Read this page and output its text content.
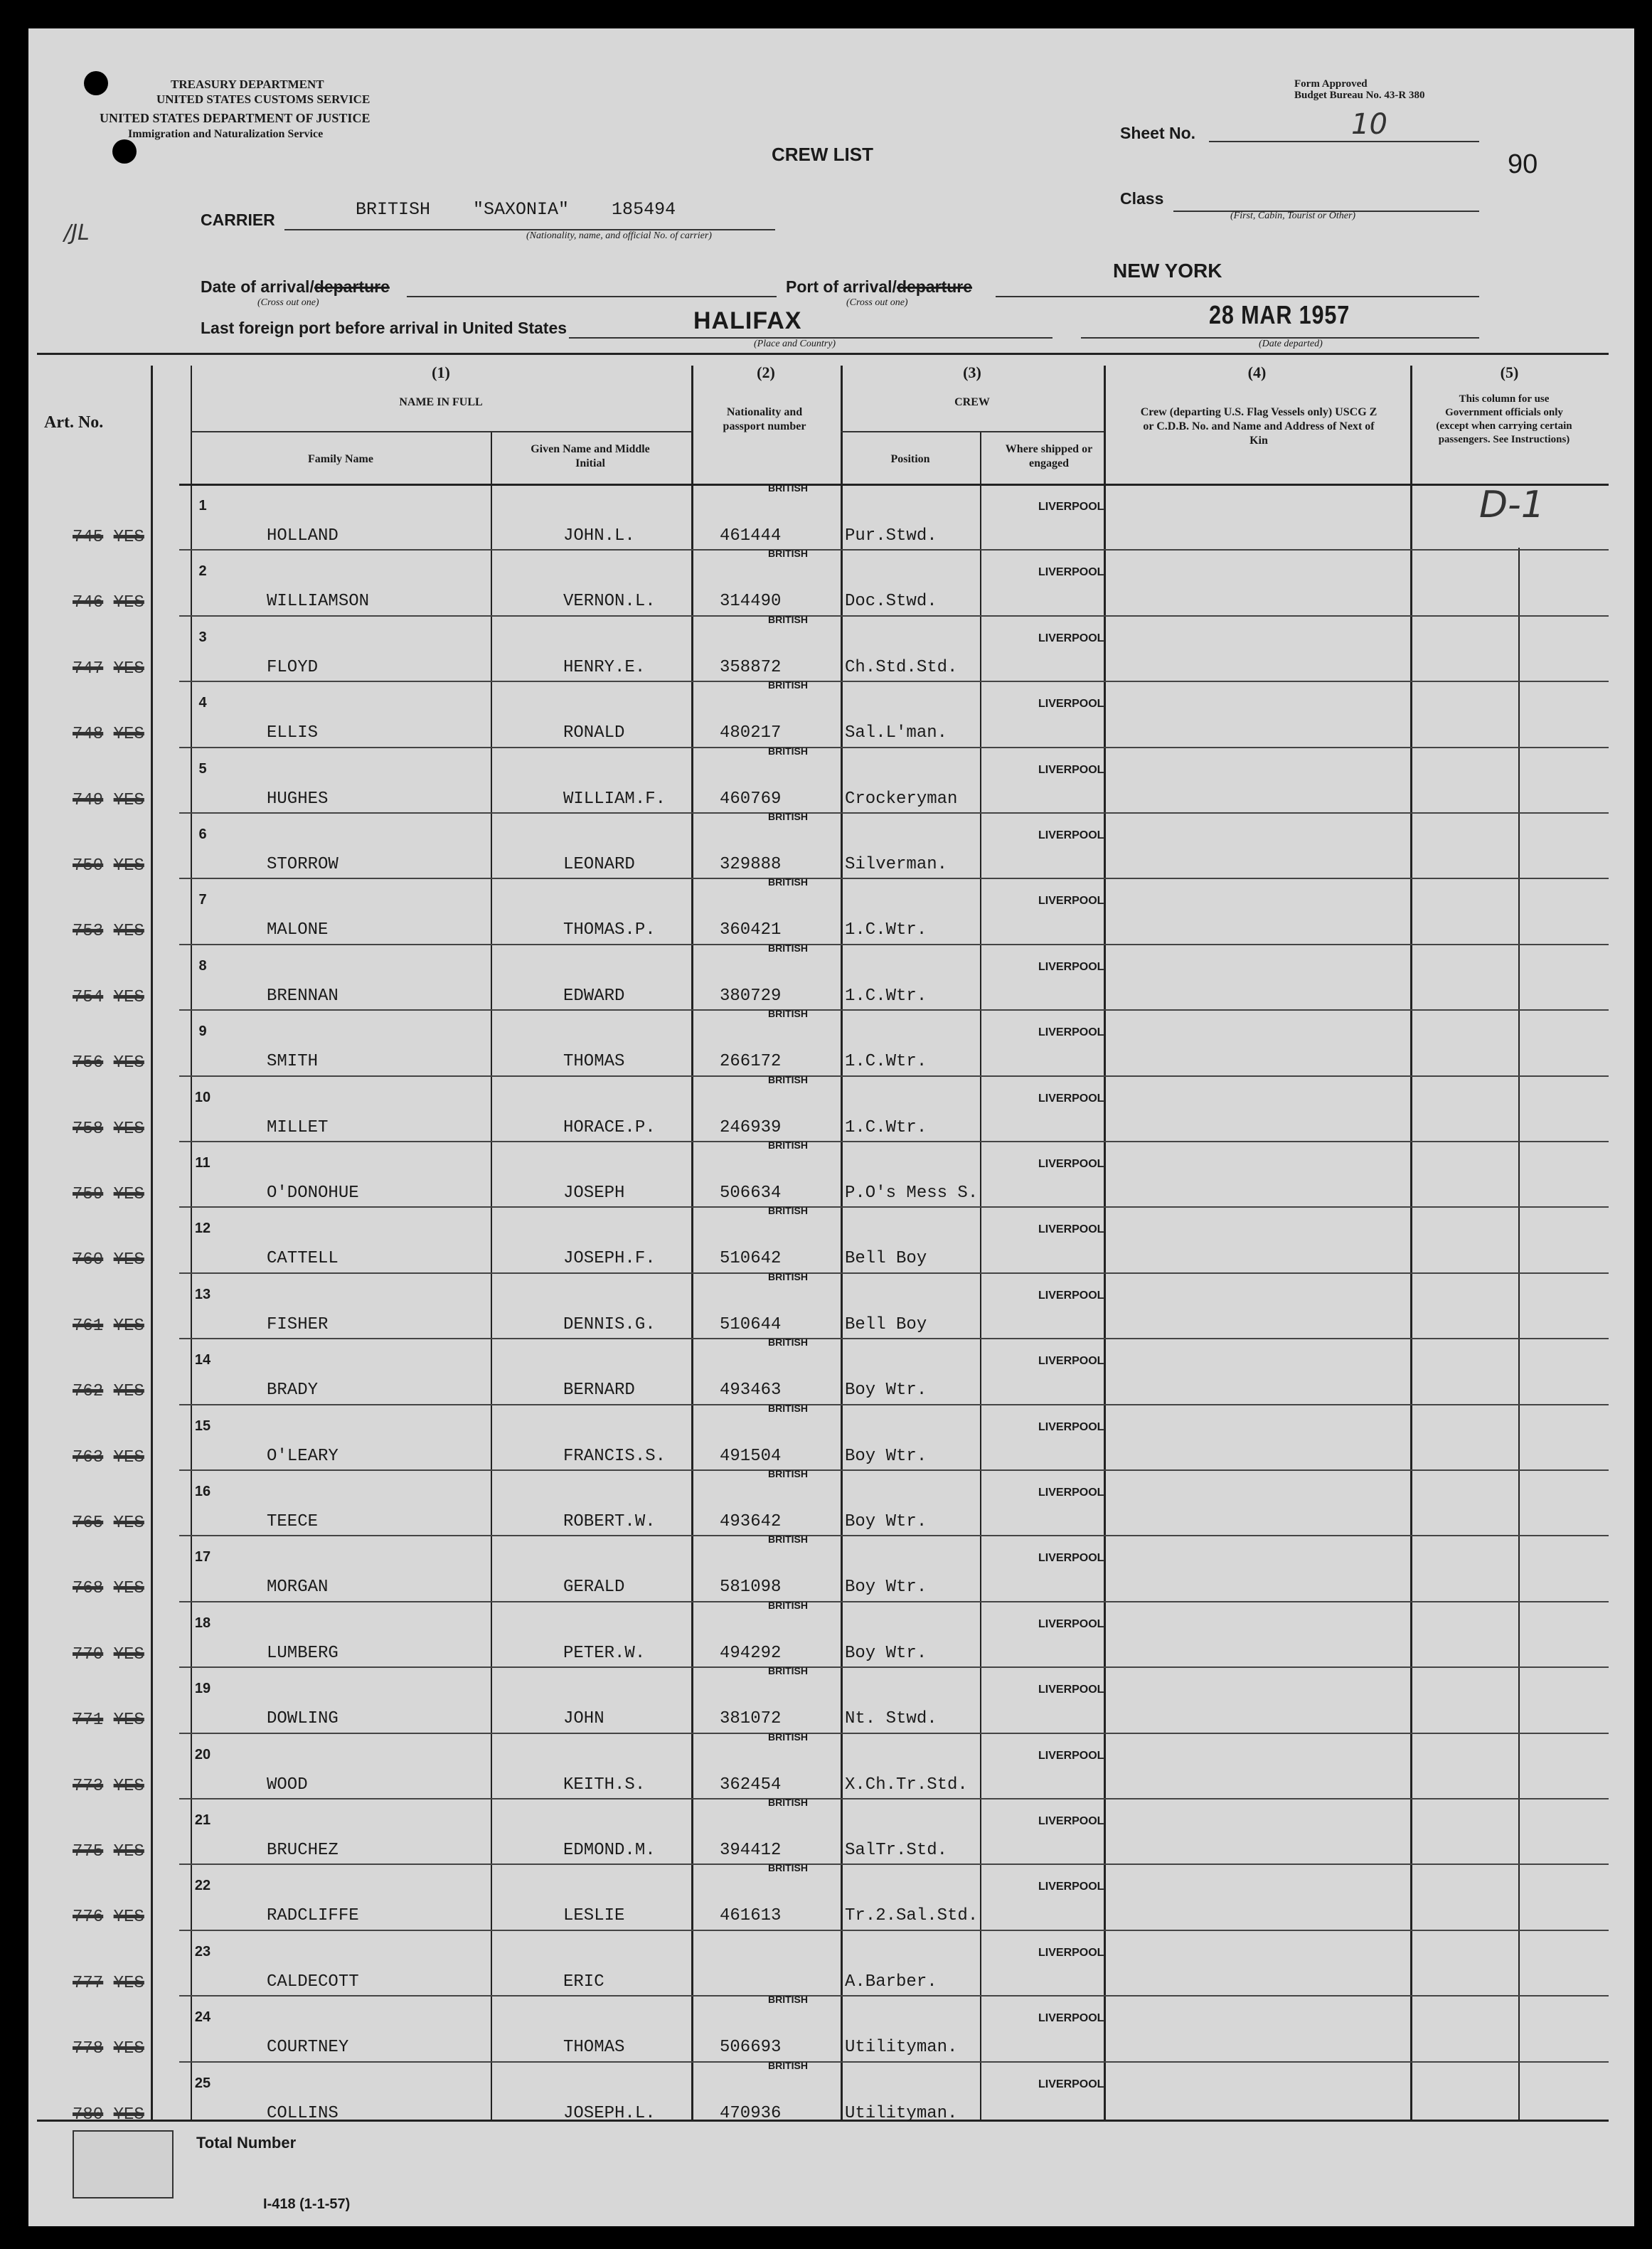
TREASURY DEPARTMENT
UNITED STATES CUSTOMS SERVICE
UNITED STATES DEPARTMENT OF JUSTICE
Immigration and Naturalization Service
Form Approved
Budget Bureau No. 43-R 380
CREW LIST
Sheet No.	10
90
/JL
Class
(First, Cabin, Tourist or Other)
CARRIER	BRITISH    "SAXONIA"    185494
(Nationality, name, and official No. of carrier)
Date of arrival/departure
(Cross out one)
Port of arrival/departure
(Cross out one)
NEW YORK
Last foreign port before arrival in United States	HALIFAX
(Place and Country)
28 MAR 1957
(Date departed)
Art. No.
(1)
NAME IN FULL
Family Name
Given Name and Middle Initial
(2)
Nationality and passport number
(3)
CREW
Position
Where shipped or engaged
(4)
Crew (departing U.S. Flag Vessels only) USCG Z or C.D.B. No. and Name and Address of Next of Kin
(5)
This column for use Government officials only (except when carrying certain passengers. See Instructions)
D-1
1
745 YES	HOLLAND	JOHN.L.
BRITISH
461444	Pur.Stwd.
LIVERPOOL
2
746 YES	WILLIAMSON	VERNON.L.
BRITISH
314490	Doc.Stwd.
LIVERPOOL
3
747 YES	FLOYD	HENRY.E.
BRITISH
358872	Ch.Std.Std.
LIVERPOOL
4
748 YES	ELLIS	RONALD
BRITISH
480217	Sal.L'man.
LIVERPOOL
5
749 YES	HUGHES	WILLIAM.F.
BRITISH
460769	Crockeryman
LIVERPOOL
6
750 YES	STORROW	LEONARD
BRITISH
329888	Silverman.
LIVERPOOL
7
753 YES	MALONE	THOMAS.P.
BRITISH
360421	1.C.Wtr.
LIVERPOOL
8
754 YES	BRENNAN	EDWARD
BRITISH
380729	1.C.Wtr.
LIVERPOOL
9
756 YES	SMITH	THOMAS
BRITISH
266172	1.C.Wtr.
LIVERPOOL
10
758 YES	MILLET	HORACE.P.
BRITISH
246939	1.C.Wtr.
LIVERPOOL
11
759 YES	O'DONOHUE	JOSEPH
BRITISH
506634	P.O's Mess S.
LIVERPOOL
12
760 YES	CATTELL	JOSEPH.F.
BRITISH
510642	Bell Boy
LIVERPOOL
13
761 YES	FISHER	DENNIS.G.
BRITISH
510644	Bell Boy
LIVERPOOL
14
762 YES	BRADY	BERNARD
BRITISH
493463	Boy Wtr.
LIVERPOOL
15
763 YES	O'LEARY	FRANCIS.S.
BRITISH
491504	Boy Wtr.
LIVERPOOL
16
765 YES	TEECE	ROBERT.W.
BRITISH
493642	Boy Wtr.
LIVERPOOL
17
768 YES	MORGAN	GERALD
BRITISH
581098	Boy Wtr.
LIVERPOOL
18
770 YES	LUMBERG	PETER.W.
BRITISH
494292	Boy Wtr.
LIVERPOOL
19
771 YES	DOWLING	JOHN
BRITISH
381072	Nt. Stwd.
LIVERPOOL
20
773 YES	WOOD	KEITH.S.
BRITISH
362454	X.Ch.Tr.Std.
LIVERPOOL
21
775 YES	BRUCHEZ	EDMOND.M.
BRITISH
394412	SalTr.Std.
LIVERPOOL
22
776 YES	RADCLIFFE	LESLIE
BRITISH
461613	Tr.2.Sal.Std.
LIVERPOOL
23
777 YES	CALDECOTT	ERIC	A.Barber.
LIVERPOOL
24
778 YES	COURTNEY	THOMAS
BRITISH
506693	Utilityman.
LIVERPOOL
25
780 YES	COLLINS	JOSEPH.L.
BRITISH
470936	Utilityman.
LIVERPOOL
Total Number
I-418 (1-1-57)
